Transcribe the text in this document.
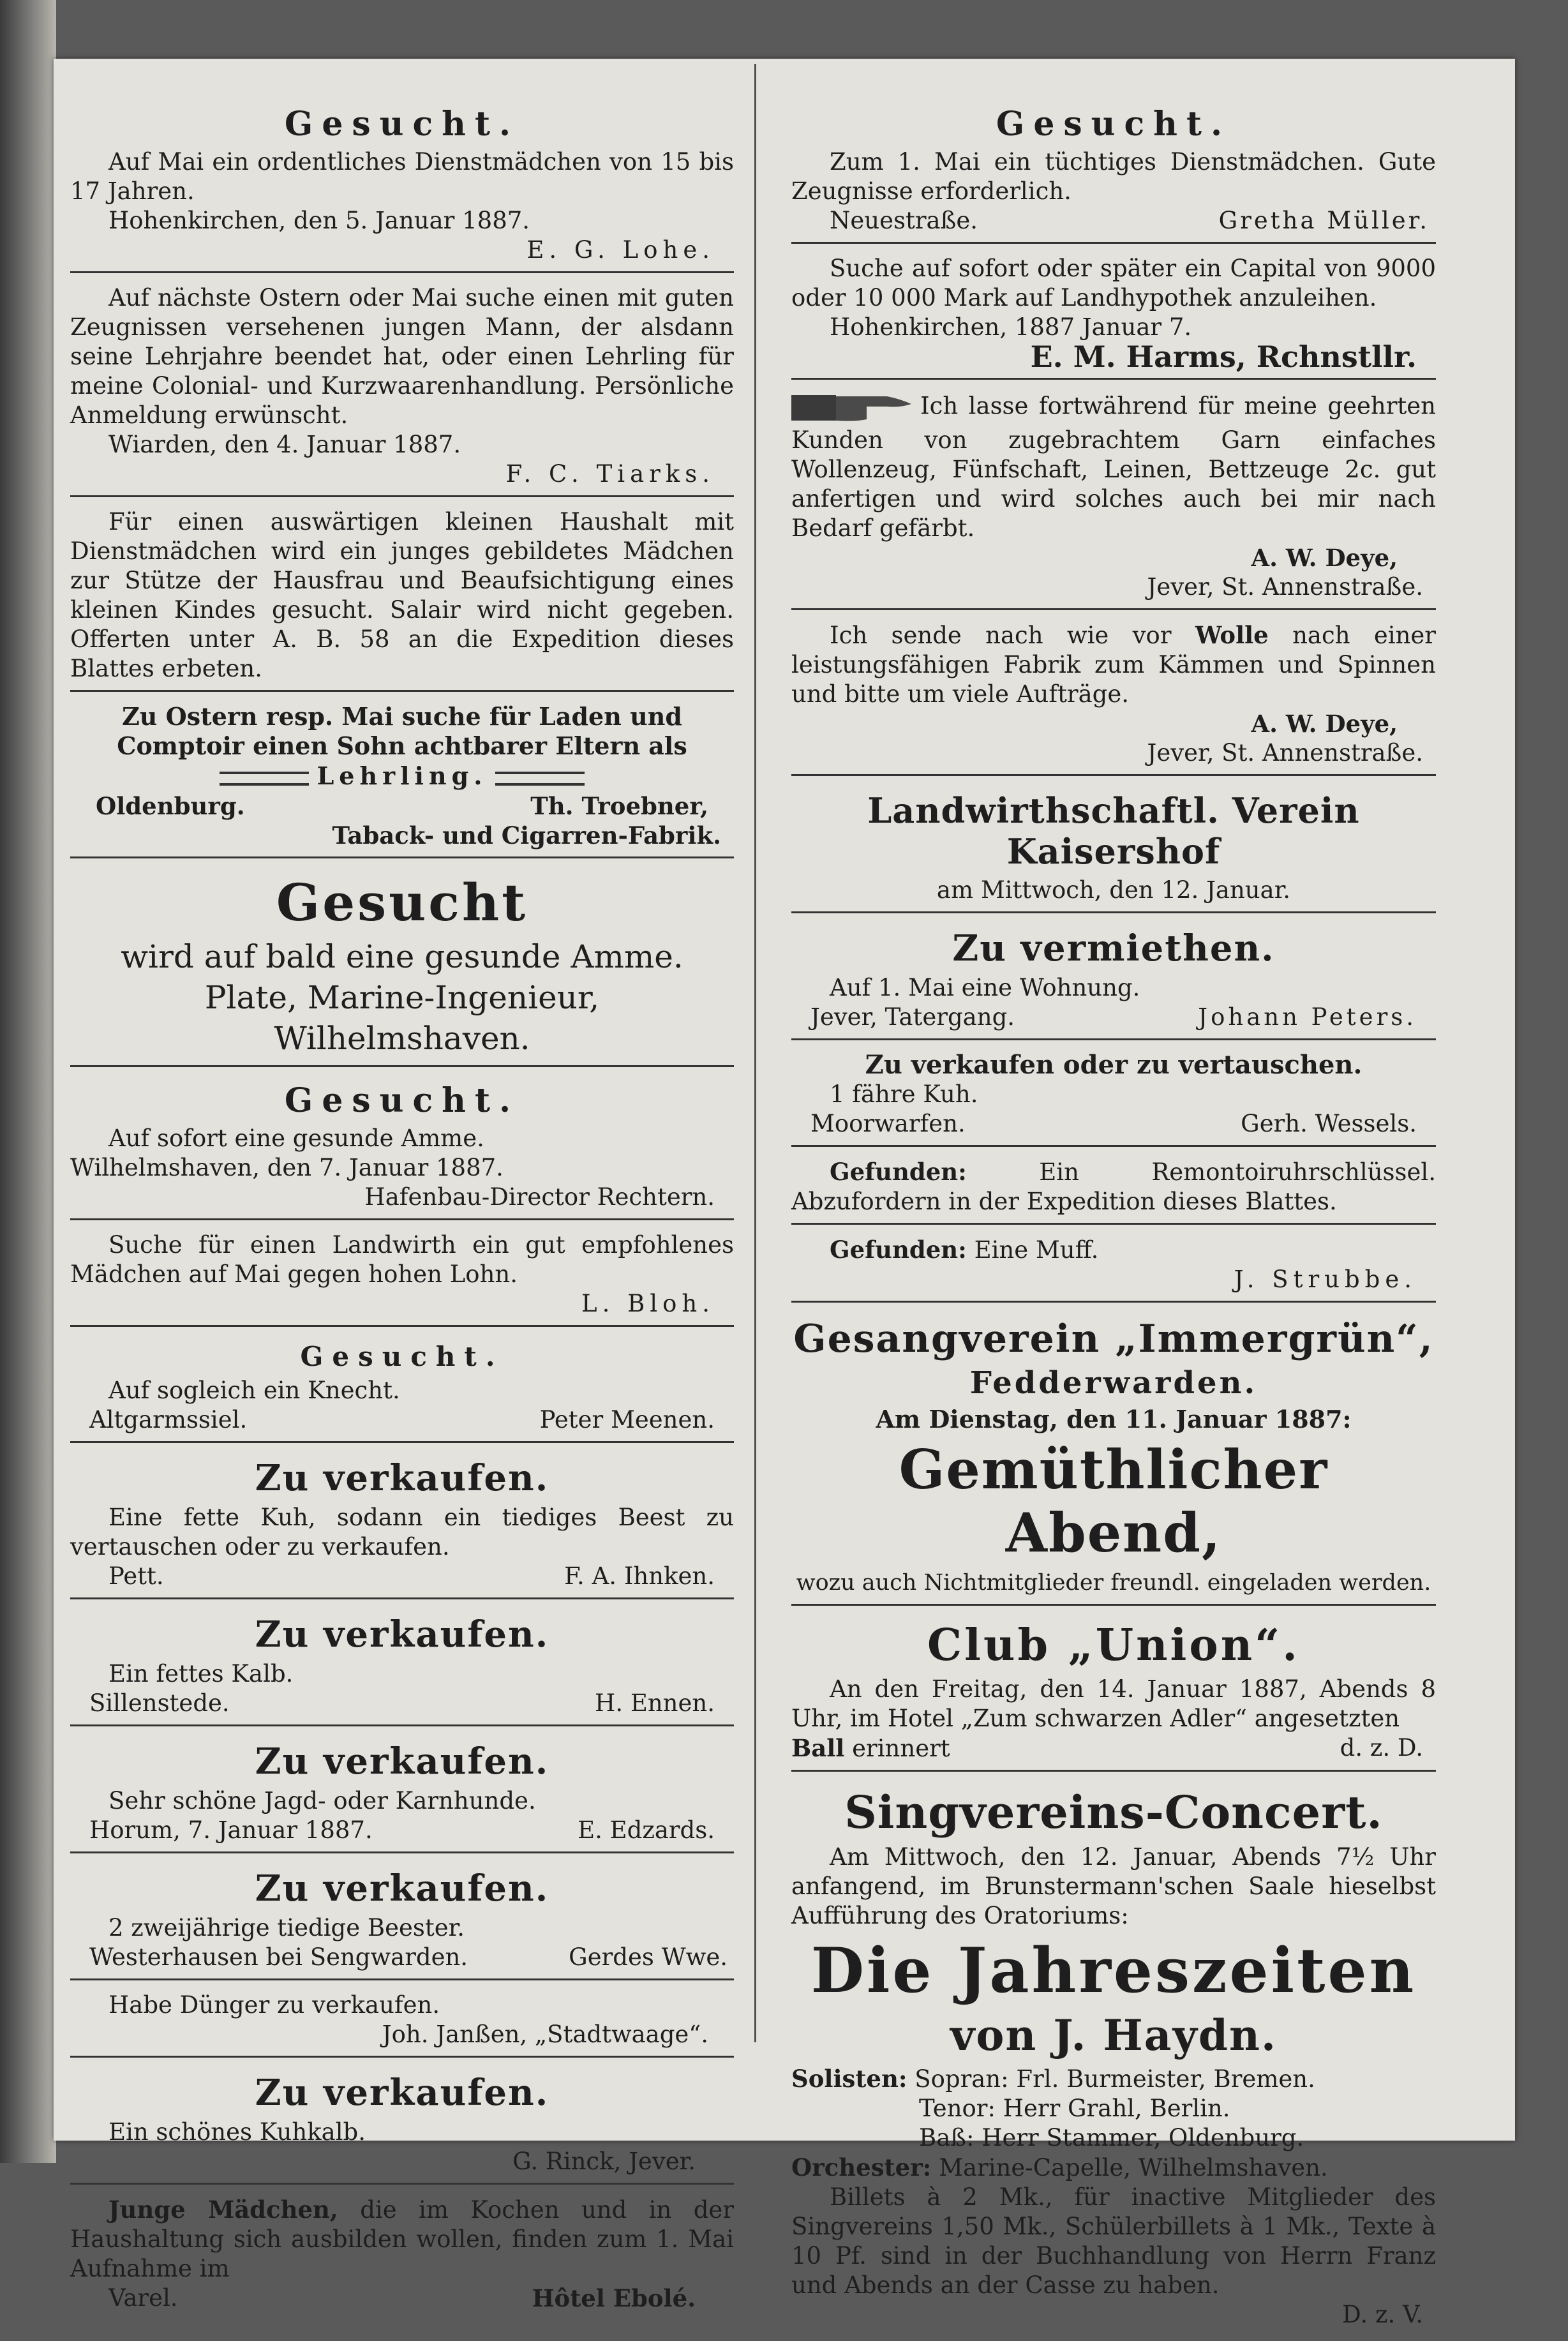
Gesucht.
Auf Mai ein ordentliches Dienstmädchen von 15 bis 17 Jahren.
Hohenkirchen, den 5. Januar 1887.
E. G. Lohe.
Auf nächste Ostern oder Mai suche einen mit guten Zeugnissen versehenen jungen Mann, der alsdann seine Lehrjahre beendet hat, oder einen Lehrling für meine Colonial- und Kurzwaarenhandlung. Persönliche Anmeldung erwünscht.
Wiarden, den 4. Januar 1887.
F. C. Tiarks.
Für einen auswärtigen kleinen Haushalt mit Dienstmädchen wird ein junges gebildetes Mädchen zur Stütze der Hausfrau und Beaufsichtigung eines kleinen Kindes gesucht. Salair wird nicht gegeben. Offerten unter A. B. 58 an die Expedition dieses Blattes erbeten.
Zu Ostern resp. Mai suche für Laden und Comptoir einen Sohn achtbarer Eltern als
Lehrling.
Oldenburg.	Th. Troebner,
Taback- und Cigarren-Fabrik.
Gesucht
wird auf bald eine gesunde Amme.
Plate, Marine-Ingenieur,
Wilhelmshaven.
Gesucht.
Auf sofort eine gesunde Amme.
Wilhelmshaven, den 7. Januar 1887.
Hafenbau-Director Rechtern.
Suche für einen Landwirth ein gut empfohlenes Mädchen auf Mai gegen hohen Lohn.
L. Bloh.
Gesucht.
Auf sogleich ein Knecht.
Altgarmssiel.	Peter Meenen.
Zu verkaufen.
Eine fette Kuh, sodann ein tiediges Beest zu vertauschen oder zu verkaufen.
Pett.	F. A. Ihnken.
Zu verkaufen.
Ein fettes Kalb.
Sillenstede.	H. Ennen.
Zu verkaufen.
Sehr schöne Jagd- oder Karnhunde.
Horum, 7. Januar 1887.	E. Edzards.
Zu verkaufen.
2 zweijährige tiedige Beester.
Westerhausen bei Sengwarden.	Gerdes Wwe.
Habe Dünger zu verkaufen.
Joh. Janßen, „Stadtwaage“.
Zu verkaufen.
Ein schönes Kuhkalb.
G. Rinck, Jever.
Junge Mädchen, die im Kochen und in der Haushaltung sich ausbilden wollen, finden zum 1. Mai Aufnahme im
Varel.	Hôtel Ebolé.
Gesucht.
Zum 1. Mai ein tüchtiges Dienstmädchen. Gute Zeugnisse erforderlich.
Neuestraße.	Gretha Müller.
Suche auf sofort oder später ein Capital von 9000 oder 10 000 Mark auf Landhypothek anzuleihen.
Hohenkirchen, 1887 Januar 7.
E. M. Harms, Rchnstllr.
Ich lasse fortwährend für meine geehrten Kunden von zugebrachtem Garn einfaches Wollenzeug, Fünfschaft, Leinen, Bettzeuge 2c. gut anfertigen und wird solches auch bei mir nach Bedarf gefärbt.
A. W. Deye,
Jever, St. Annenstraße.
Ich sende nach wie vor Wolle nach einer leistungsfähigen Fabrik zum Kämmen und Spinnen und bitte um viele Aufträge.
A. W. Deye,
Jever, St. Annenstraße.
Landwirthschaftl. Verein Kaisershof
am Mittwoch, den 12. Januar.
Zu vermiethen.
Auf 1. Mai eine Wohnung.
Jever, Tatergang.	Johann Peters.
Zu verkaufen oder zu vertauschen.
1 fähre Kuh.
Moorwarfen.	Gerh. Wessels.
Gefunden:	Ein Remontoiruhrschlüssel. Abzufordern in der Expedition dieses Blattes.
Gefunden: Eine Muff.
J. Strubbe.
Gesangverein „Immergrün“,
Fedderwarden.
Am Dienstag, den 11. Januar 1887:
Gemüthlicher Abend,
wozu auch Nichtmitglieder freundl. eingeladen werden.
Club „Union“.
An den Freitag, den 14. Januar 1887, Abends 8 Uhr, im Hotel „Zum schwarzen Adler“ angesetzten
Ball erinnert	d. z. D.
Singvereins-Concert.
Am Mittwoch, den 12. Januar, Abends 7½ Uhr anfangend, im Brunstermann'schen Saale hieselbst Aufführung des Oratoriums:
Die Jahreszeiten
von J. Haydn.
Solisten: Sopran: Frl. Burmeister, Bremen.
Tenor: Herr Grahl, Berlin.
Baß: Herr Stammer, Oldenburg.
Orchester: Marine-Capelle, Wilhelmshaven.
Billets à 2 Mk., für inactive Mitglieder des Singvereins 1,50 Mk., Schülerbillets à 1 Mk., Texte à 10 Pf. sind in der Buchhandlung von Herrn Franz und Abends an der Casse zu haben.
D. z. V.
